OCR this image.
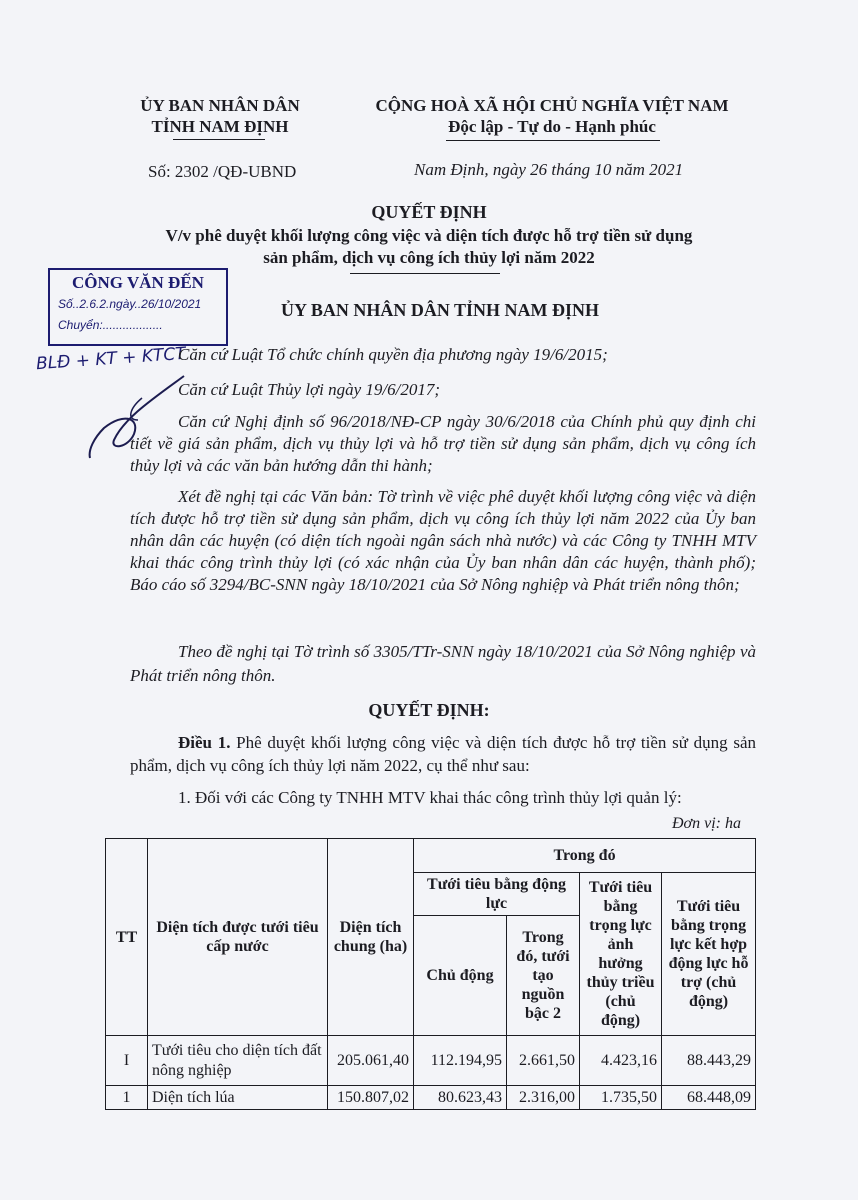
ỦY BAN NHÂN DÂN
TỈNH NAM ĐỊNH
CỘNG HOÀ XÃ HỘI CHỦ NGHĨA VIỆT NAM
Độc lập - Tự do - Hạnh phúc
Số: 2302 /QĐ-UBND	Nam Định, ngày 26 tháng 10 năm 2021
QUYẾT ĐỊNH
V/v phê duyệt khối lượng công việc và diện tích được hỗ trợ tiền sử dụng
sản phẩm, dịch vụ công ích thủy lợi năm 2022
CÔNG VĂN ĐẾN
Số..2.6.2.ngày..26/10/2021
Chuyển:..................
BLĐ + KT + KTCT
ỦY BAN NHÂN DÂN TỈNH NAM ĐỊNH
Căn cứ Luật Tổ chức chính quyền địa phương ngày 19/6/2015;
Căn cứ Luật Thủy lợi ngày 19/6/2017;
Căn cứ Nghị định số 96/2018/NĐ-CP ngày 30/6/2018 của Chính phủ quy định chi tiết về giá sản phẩm, dịch vụ thủy lợi và hỗ trợ tiền sử dụng sản phẩm, dịch vụ công ích thủy lợi và các văn bản hướng dẫn thi hành;
Xét đề nghị tại các Văn bản: Tờ trình về việc phê duyệt khối lượng công việc và diện tích được hỗ trợ tiền sử dụng sản phẩm, dịch vụ công ích thủy lợi năm 2022 của Ủy ban nhân dân các huyện (có diện tích ngoài ngân sách nhà nước) và các Công ty TNHH MTV khai thác công trình thủy lợi (có xác nhận của Ủy ban nhân dân các huyện, thành phố); Báo cáo số 3294/BC-SNN ngày 18/10/2021 của Sở Nông nghiệp và Phát triển nông thôn;
Theo đề nghị tại Tờ trình số 3305/TTr-SNN ngày 18/10/2021 của Sở Nông nghiệp và Phát triển nông thôn.
QUYẾT ĐỊNH:
Điều 1. Phê duyệt khối lượng công việc và diện tích được hỗ trợ tiền sử dụng sản phẩm, dịch vụ công ích thủy lợi năm 2022, cụ thể như sau:
1. Đối với các Công ty TNHH MTV khai thác công trình thủy lợi quản lý:
Đơn vị: ha
TT	Diện tích được tưới tiêu cấp nước	Diện tích chung (ha)	Trong đó			
			Tưới tiêu bằng động lực		Tưới tiêu bằng trọng lực ảnh hưởng thủy triều (chủ động)	Tưới tiêu bằng trọng lực kết hợp động lực hỗ trợ (chủ động)
			Chủ động	Trong đó, tưới tạo nguồn bậc 2		
I	Tưới tiêu cho diện tích đất nông nghiệp	205.061,40	112.194,95	2.661,50	4.423,16	88.443,29
1	Diện tích lúa	150.807,02	80.623,43	2.316,00	1.735,50	68.448,09
